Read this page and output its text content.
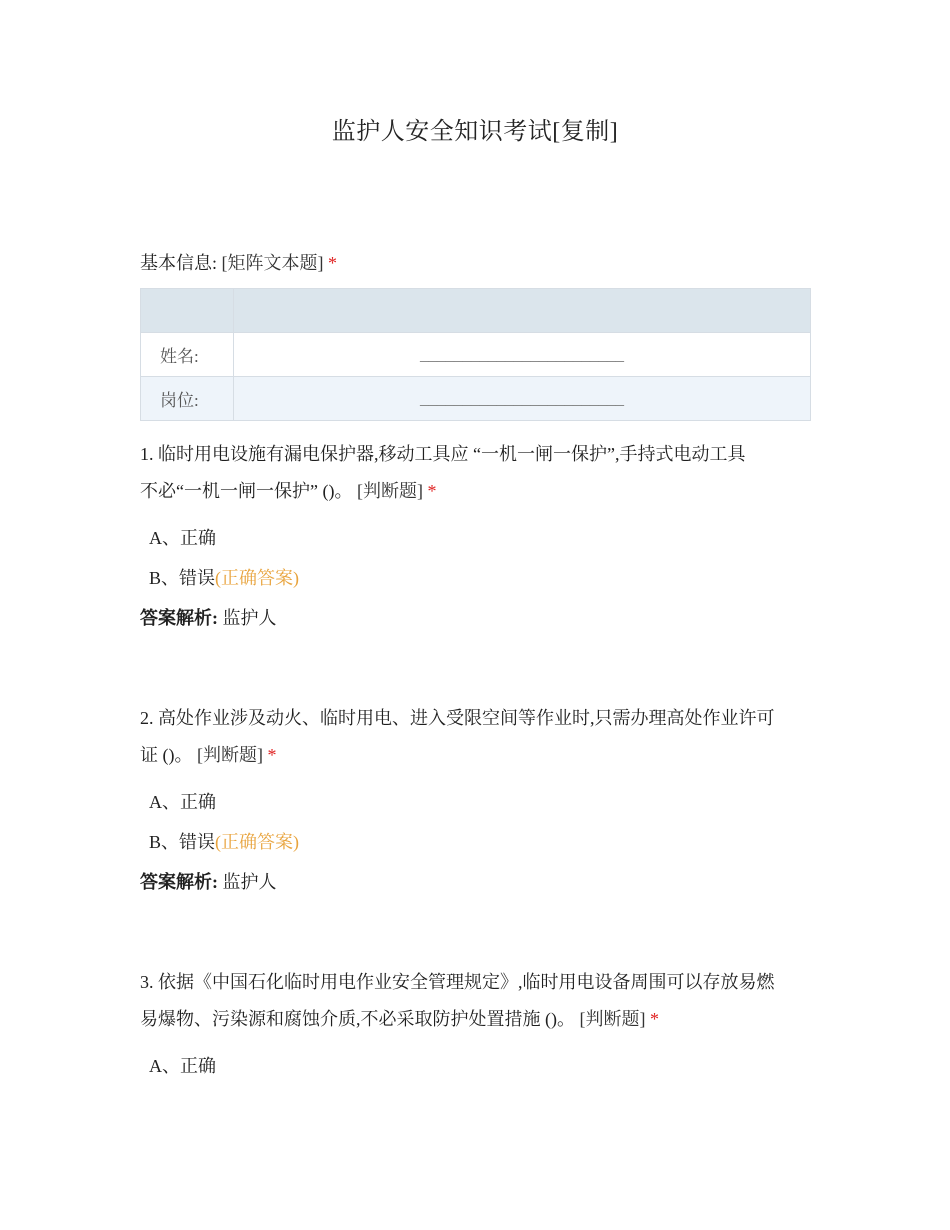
监护人安全知识考试[复制]
基本信息: [矩阵文本题] *

姓名:	________________________
岗位:	________________________
1. 临时用电设施有漏电保护器,移动工具应 “一机一闸一保护”,手持式电动工具
不必“一机一闸一保护” ()。 [判断题] *
A、正确
B、错误(正确答案)
答案解析: 监护人
2. 高处作业涉及动火、临时用电、进入受限空间等作业时,只需办理高处作业许可
证 ()。 [判断题] *
A、正确
B、错误(正确答案)
答案解析: 监护人
3. 依据《中国石化临时用电作业安全管理规定》,临时用电设备周围可以存放易燃
易爆物、污染源和腐蚀介质,不必采取防护处置措施 ()。 [判断题] *
A、正确
